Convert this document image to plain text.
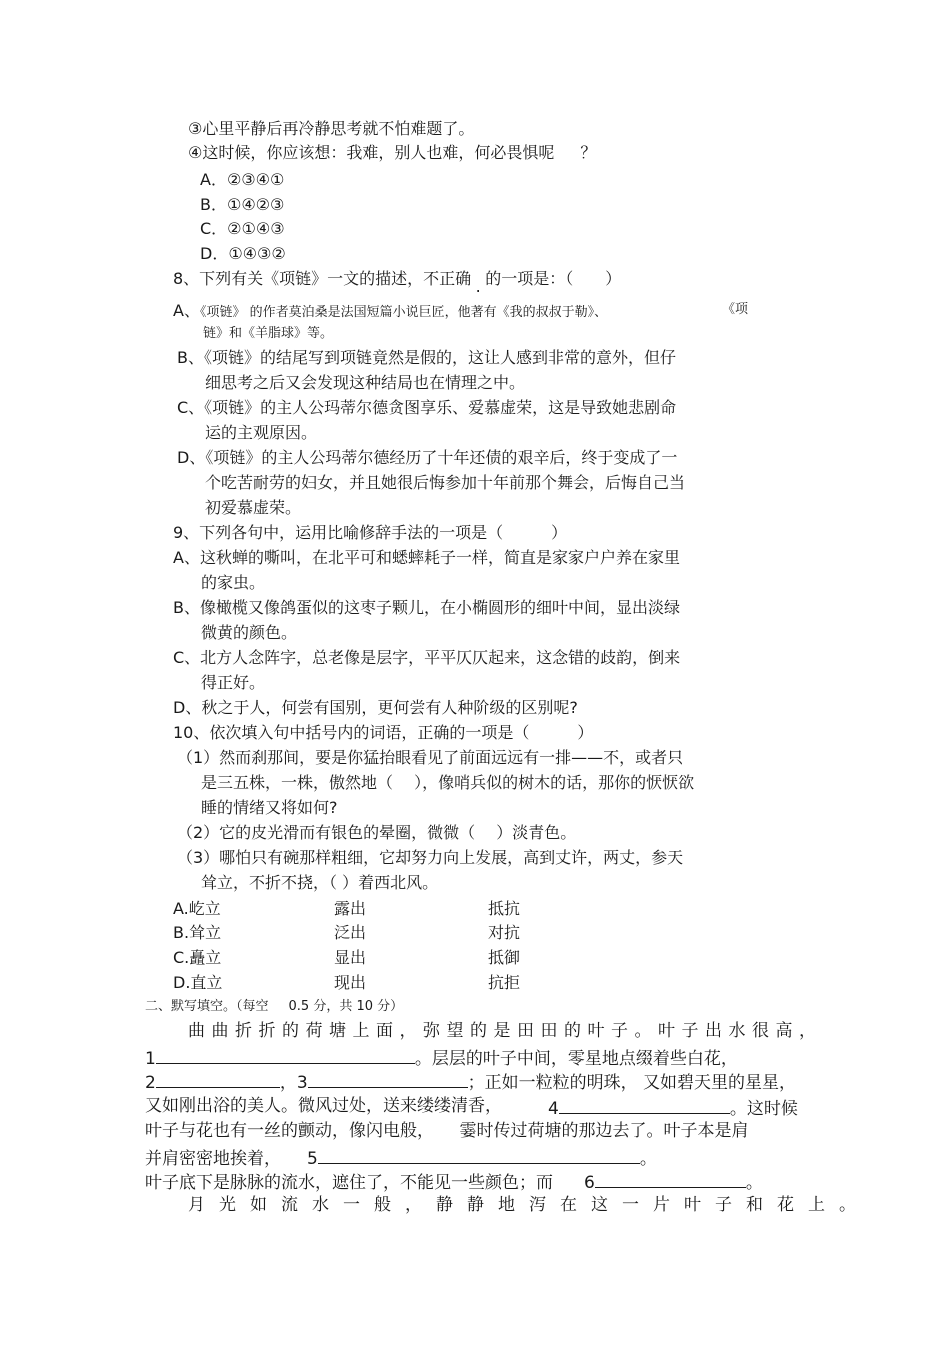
③心里平静后再冷静思考就不怕难题了。
④这时候，你应该想：我难，别人也难，何必畏惧呢 ？
A．②③④①
B．①④②③
C．②①④③
D．①④③②
8、下列有关《项链》一文的描述，不正确 . 的一项是：（　　）
A、《项链》 的作者莫泊桑是法国短篇小说巨匠，他著有《我的叔叔于勒》、	《项
链》和《羊脂球》等。
B、《项链》的结尾写到项链竟然是假的，这让人感到非常的意外，但仔
细思考之后又会发现这种结局也在情理之中。
C、《项链》的主人公玛蒂尔德贪图享乐、爱慕虚荣，这是导致她悲剧命
运的主观原因。
D、《项链》的主人公玛蒂尔德经历了十年还债的艰辛后，终于变成了一
个吃苦耐劳的妇女，并且她很后悔参加十年前那个舞会，后悔自己当
初爱慕虚荣。
9、下列各句中，运用比喻修辞手法的一项是（　　　）
A、这秋蝉的嘶叫，在北平可和蟋蟀耗子一样，简直是家家户户养在家里
的家虫。
B、像橄榄又像鸽蛋似的这枣子颗儿，在小椭圆形的细叶中间，显出淡绿
微黄的颜色。
C、北方人念阵字，总老像是层字，平平仄仄起来，这念错的歧韵，倒来
得正好。
D、秋之于人，何尝有国别，更何尝有人种阶级的区别呢?
10、依次填入句中括号内的词语，正确的一项是（　　　）
（1）然而刹那间，要是你猛抬眼看见了前面远远有一排——不，或者只
是三五株，一株，傲然地（　 ），像哨兵似的树木的话，那你的恹恹欲
睡的情绪又将如何?
（2）它的皮光滑而有银色的晕圈，微微（　 ）淡青色。
（3）哪怕只有碗那样粗细，它却努力向上发展，高到丈许，两丈，参天
耸立，不折不挠，（ ）着西北风。
A.屹立	露出	抵抗
B.耸立	泛出	对抗
C.矗立	显出	抵御
D.直立	现出	抗拒
二、默写填空。（每空 0.5 分，共 10 分）
曲曲折折的荷塘上面，弥望的是田田的叶子。叶子出水很高，
1	。层层的叶子中间，零星地点缀着些白花，
2	，3	；正如一粒粒的明珠， 又如碧天里的星星，
又如刚出浴的美人。微风过处，送来缕缕清香，	4	。这时候
叶子与花也有一丝的颤动，像闪电般，　　霎时传过荷塘的那边去了。叶子本是肩
并肩密密地挨着， 5	。
叶子底下是脉脉的流水，遮住了，不能见一些颜色；而 6	。
月光如流水一般，静静地泻在这一片叶子和花上。
